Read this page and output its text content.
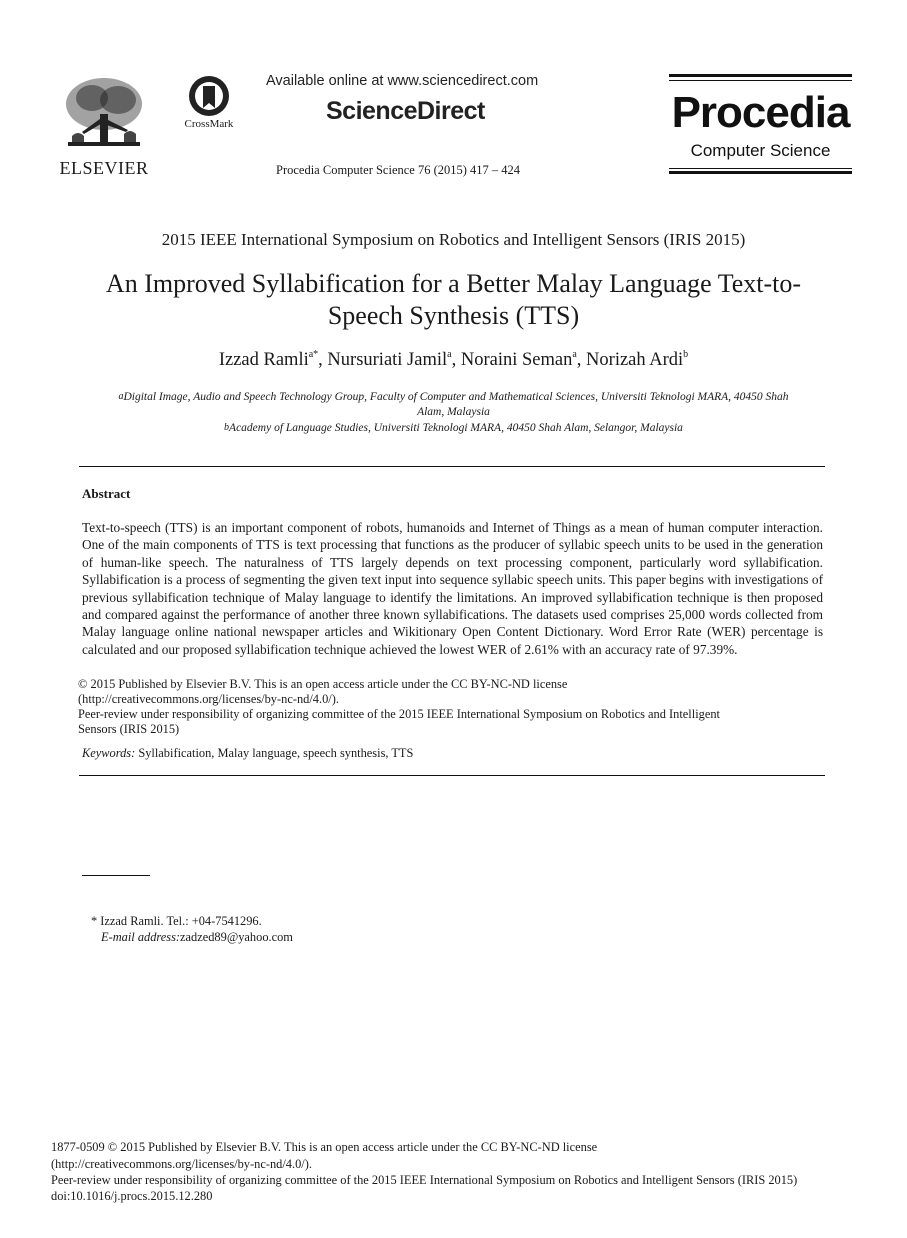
ELSEVIER
CrossMark
Available online at www.sciencedirect.com
ScienceDirect
Procedia Computer Science 76 (2015) 417 – 424
Procedia
Computer Science
2015 IEEE International Symposium on Robotics and Intelligent Sensors (IRIS 2015)
An Improved Syllabification for a Better Malay Language Text-to-
Speech Synthesis (TTS)
Izzad Ramli$^{a*}$, Nursuriati Jamil$^a$, Noraini Seman$^a$, Norizah Ardi$^b$
$^a$Digital Image, Audio and Speech Technology Group, Faculty of Computer and Mathematical Sciences, Universiti Teknologi MARA, 40450 Shah
Alam, Malaysia
$^b$Academy of Language Studies, Universiti Teknologi MARA, 40450 Shah Alam, Selangor, Malaysia
Abstract
Text-to-speech (TTS) is an important component of robots, humanoids and Internet of Things as a mean of human computer interaction. One of the main components of TTS is text processing that functions as the producer of syllabic speech units to be used in the generation of human-like speech. The naturalness of TTS largely depends on text processing component, particularly word syllabification. Syllabification is a process of segmenting the given text input into sequence syllabic speech units. This paper begins with investigations of previous syllabification technique of Malay language to identify the limitations. An improved syllabification technique is then proposed and compared against the performance of another three known syllabifications. The datasets used comprises 25,000 words collected from Malay language online national newspaper articles and Wikitionary Open Content Dictionary. Word Error Rate (WER) percentage is calculated and our proposed syllabification technique achieved the lowest WER of 2.61% with an accuracy rate of 97.39%.
© 2015 Published by Elsevier B.V. This is an open access article under the CC BY-NC-ND license
(http://creativecommons.org/licenses/by-nc-nd/4.0/).
Peer-review under responsibility of organizing committee of the 2015 IEEE International Symposium on Robotics and Intelligent
Sensors (IRIS 2015)
Keywords: Syllabification, Malay language, speech synthesis, TTS
* Izzad Ramli. Tel.: +04-7541296.
E-mail address:zadzed89@yahoo.com
1877-0509 © 2015 Published by Elsevier B.V. This is an open access article under the CC BY-NC-ND license
(http://creativecommons.org/licenses/by-nc-nd/4.0/).
Peer-review under responsibility of organizing committee of the 2015 IEEE International Symposium on Robotics and Intelligent Sensors (IRIS 2015)
doi:10.1016/j.procs.2015.12.280
